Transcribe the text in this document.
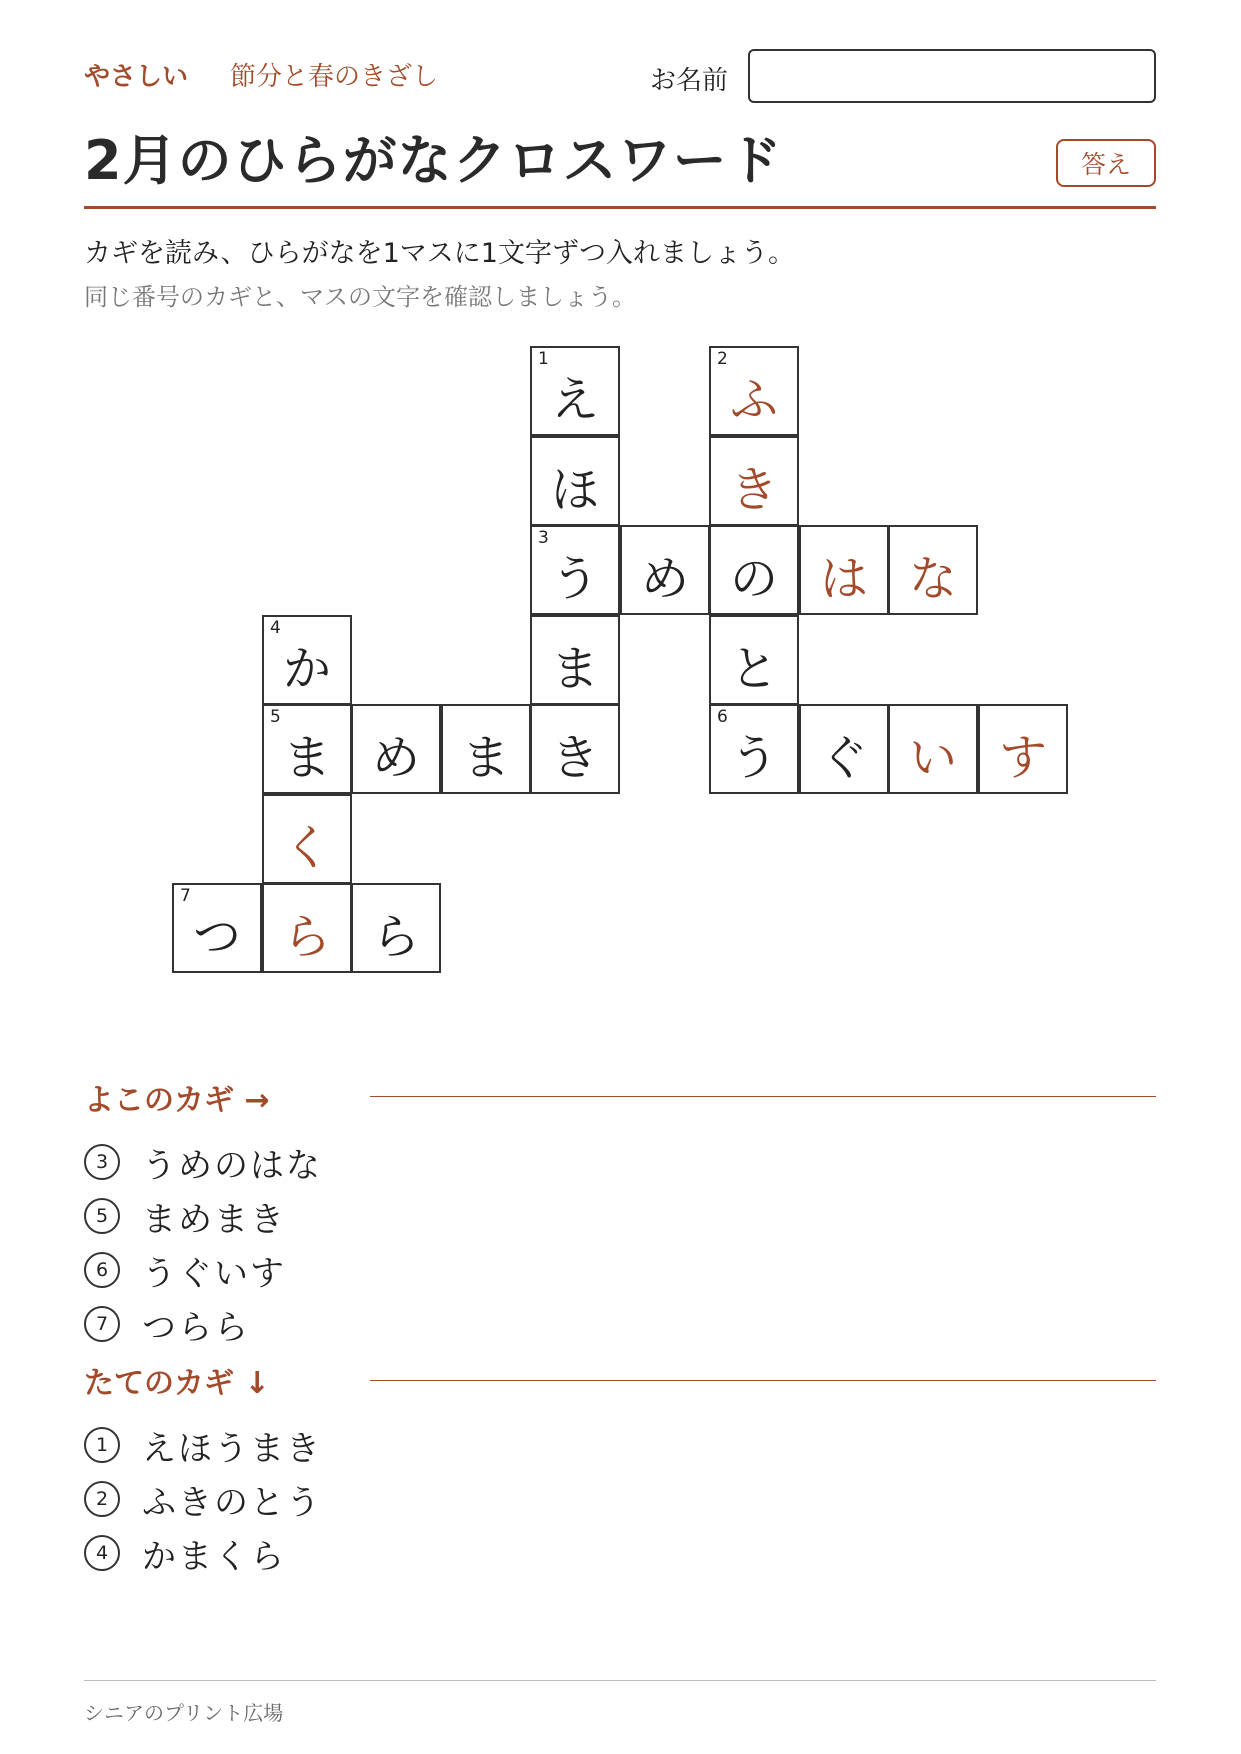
やさしい 節分と春のきざし	お名前
2月のひらがなクロスワード	答え
カギを読み、ひらがなを1マスに1文字ずつ入れましょう。
同じ番号のカギと、マスの文字を確認しましょう。
1
え
ほ
3
う
ま
き
2
ふ
き
の
と
6
う
め	は な
4
か
5
ま め ま	ぐ い す
く
7
つ ら ら
よこのカギ →
3 うめのはな
5 まめまき
6 うぐいす
7 つらら
たてのカギ ↓
1 えほうまき
2 ふきのとう
4 かまくら
シニアのプリント広場
